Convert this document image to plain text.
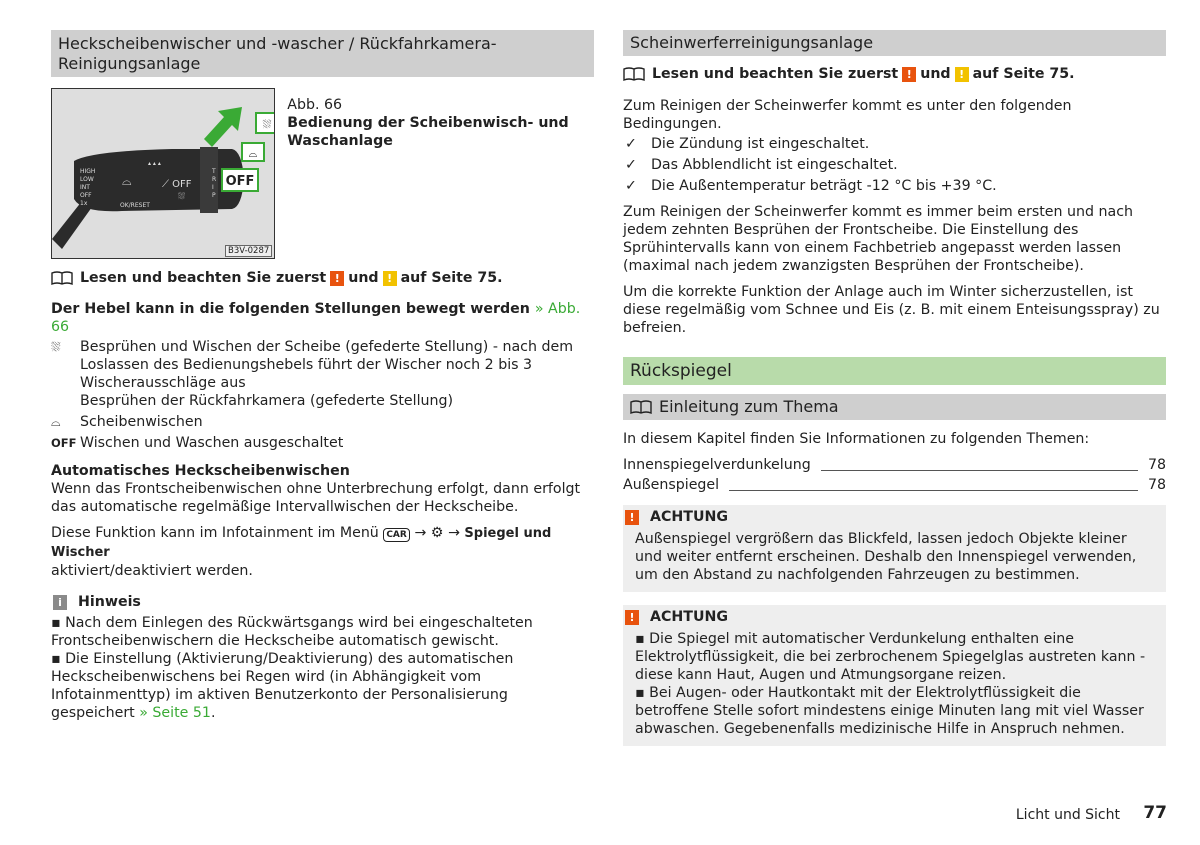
Heckscheibenwischer und -wascher / Rückfahrkamera-Reinigungsanlage
⛆
⌓
OFF
HIGH
LOW
INT
OFF
1x
⌓
OK/RESET
⟋ OFF
⛆
T
R
I
P
▴ ▴ ▴
B3V-0287
Abb. 66
Bedienung der Scheibenwisch- und Waschanlage
Lesen und beachten Sie zuerst ! und ! auf Seite 75.
Der Hebel kann in die folgenden Stellungen bewegt werden » Abb. 66
⛆	Besprühen und Wischen der Scheibe (gefederte Stellung) - nach dem Loslassen des Bedienungshebels führt der Wischer noch 2 bis 3 Wischerausschläge aus
Besprühen der Rückfahrkamera (gefederte Stellung)
⌓	Scheibenwischen
OFF Wischen und Waschen ausgeschaltet
Automatisches Heckscheibenwischen
Wenn das Frontscheibenwischen ohne Unterbrechung erfolgt, dann erfolgt das automatische regelmäßige Intervallwischen der Heckscheibe.
Diese Funktion kann im Infotainment im Menü CAR → ⚙ → Spiegel und Wischer
aktiviert/deaktiviert werden.
i	Hinweis
▪ Nach dem Einlegen des Rückwärtsgangs wird bei eingeschalteten Frontscheibenwischern die Heckscheibe automatisch gewischt.
▪ Die Einstellung (Aktivierung/Deaktivierung) des automatischen Heckscheibenwischens bei Regen wird (in Abhängigkeit vom Infotainmenttyp) im aktiven Benutzerkonto der Personalisierung gespeichert » Seite 51.
Scheinwerferreinigungsanlage
Lesen und beachten Sie zuerst ! und ! auf Seite 75.
Zum Reinigen der Scheinwerfer kommt es unter den folgenden Bedingungen.
✓ Die Zündung ist eingeschaltet.
✓ Das Abblendlicht ist eingeschaltet.
✓ Die Außentemperatur beträgt -12 °C bis +39 °C.
Zum Reinigen der Scheinwerfer kommt es immer beim ersten und nach jedem zehnten Besprühen der Frontscheibe. Die Einstellung des Sprühintervalls kann von einem Fachbetrieb angepasst werden lassen (maximal nach jedem zwanzigsten Besprühen der Frontscheibe).
Um die korrekte Funktion der Anlage auch im Winter sicherzustellen, ist diese regelmäßig vom Schnee und Eis (z. B. mit einem Enteisungsspray) zu befreien.
Rückspiegel
Einleitung zum Thema
In diesem Kapitel finden Sie Informationen zu folgenden Themen:
Innenspiegelverdunkelung	78
Außenspiegel	78
!	ACHTUNG
Außenspiegel vergrößern das Blickfeld, lassen jedoch Objekte kleiner und weiter entfernt erscheinen. Deshalb den Innenspiegel verwenden, um den Abstand zu nachfolgenden Fahrzeugen zu bestimmen.
!	ACHTUNG
▪ Die Spiegel mit automatischer Verdunkelung enthalten eine Elektrolytflüssigkeit, die bei zerbrochenem Spiegelglas austreten kann - diese kann Haut, Augen und Atmungsorgane reizen.
▪ Bei Augen- oder Hautkontakt mit der Elektrolytflüssigkeit die betroffene Stelle sofort mindestens einige Minuten lang mit viel Wasser abwaschen. Gegebenenfalls medizinische Hilfe in Anspruch nehmen.
Licht und Sicht 77
